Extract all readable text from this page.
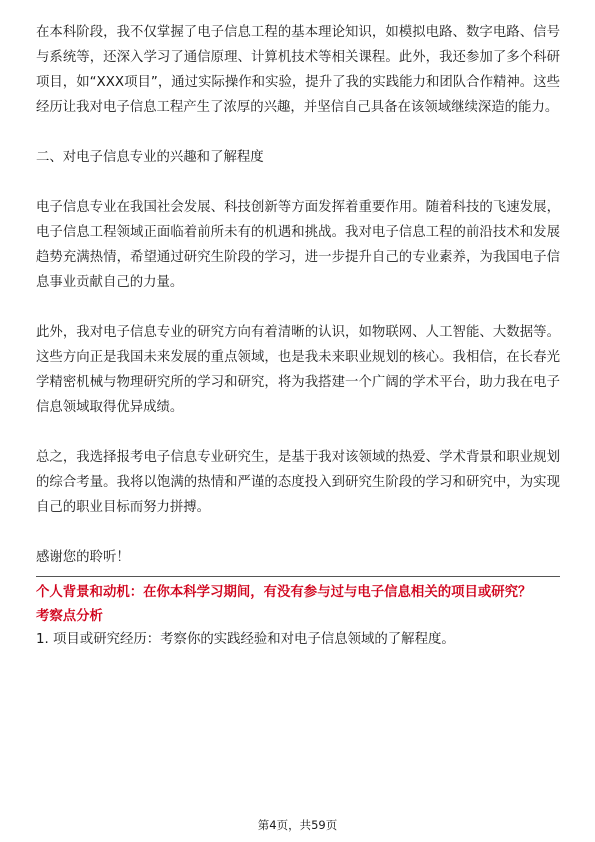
在本科阶段，我不仅掌握了电子信息工程的基本理论知识，如模拟电路、数字电路、信号与系统等，还深入学习了通信原理、计算机技术等相关课程。此外，我还参加了多个科研项目，如“XXX项目”，通过实际操作和实验，提升了我的实践能力和团队合作精神。这些经历让我对电子信息工程产生了浓厚的兴趣，并坚信自己具备在该领域继续深造的能力。

二、对电子信息专业的兴趣和了解程度

电子信息专业在我国社会发展、科技创新等方面发挥着重要作用。随着科技的飞速发展，电子信息工程领域正面临着前所未有的机遇和挑战。我对电子信息工程的前沿技术和发展趋势充满热情，希望通过研究生阶段的学习，进一步提升自己的专业素养，为我国电子信息事业贡献自己的力量。

此外，我对电子信息专业的研究方向有着清晰的认识，如物联网、人工智能、大数据等。这些方向正是我国未来发展的重点领域，也是我未来职业规划的核心。我相信，在长春光学精密机械与物理研究所的学习和研究，将为我搭建一个广阔的学术平台，助力我在电子信息领域取得优异成绩。

总之，我选择报考电子信息专业研究生，是基于我对该领域的热爱、学术背景和职业规划的综合考量。我将以饱满的热情和严谨的态度投入到研究生阶段的学习和研究中，为实现自己的职业目标而努力拼搏。

感谢您的聆听！

个人背景和动机：在你本科学习期间，有没有参与过与电子信息相关的项目或研究？

考察点分析

1. 项目或研究经历：考察你的实践经验和对电子信息领域的了解程度。

第4页，共59页
